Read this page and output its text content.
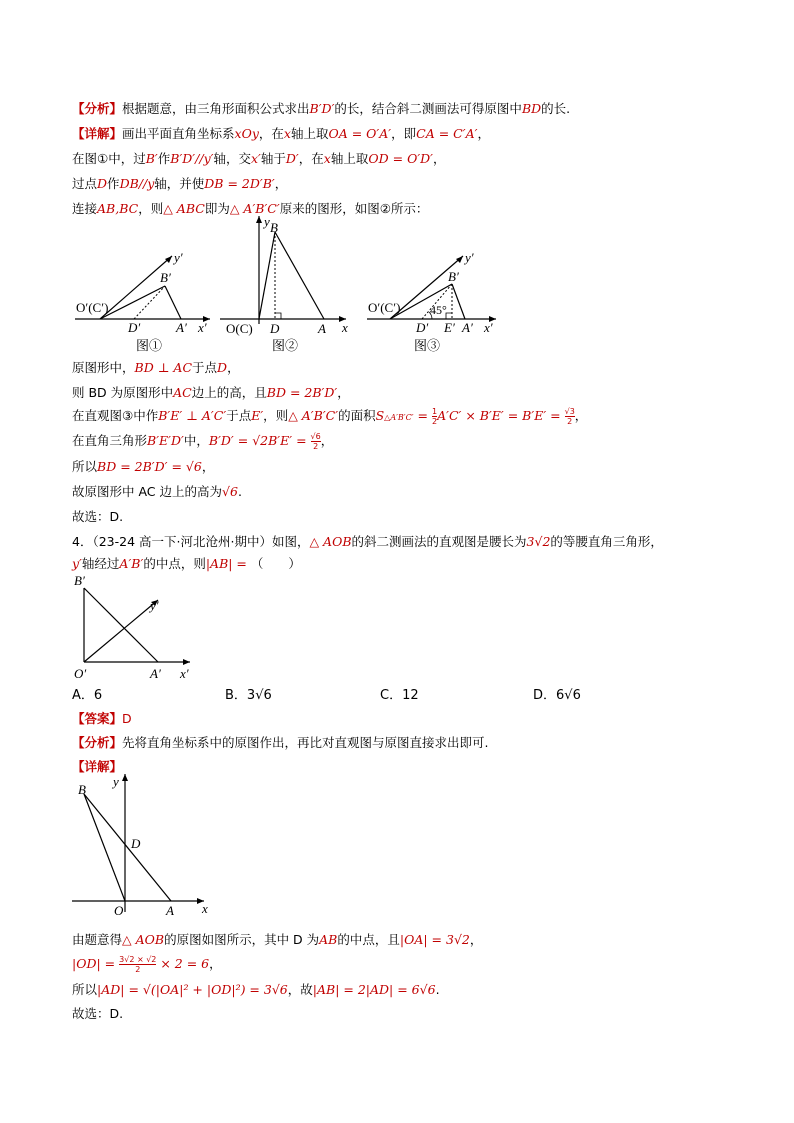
【分析】根据题意，由三角形面积公式求出B′D′的长，结合斜二测画法可得原图中BD的长.
【详解】画出平面直角坐标系xOy，在x轴上取OA = O′A′，即CA = C′A′，
在图①中，过B′作B′D′//y′轴，交x′轴于D′，在x轴上取OD = O′D′，
过点D作DB//y轴，并使DB = 2D′B′，
连接AB,BC，则△ ABC即为△ A′B′C′原来的图形，如图②所示：
O′(C′)
D′	A′ x′
B′
y′
图①
y B
O(C) D	A x
图②
O′(C′) 45°
D′ E′ A′ x′
B′
y′
图③
原图形中，BD ⊥ AC于点D，
则 BD 为原图形中AC边上的高，且BD = 2B′D′，
在直观图③中作B′E′ ⊥ A′C′于点E′，则△ A′B′C′的面积S△A′B′C′ = $\frac{1}{2} A'C' \times B'E' = B'E' = \frac{√3}{2}$ ，
在直角三角形B′E′D′中，$B'D' = √2B'E' = \frac{√6}{2}$ ，
所以BD = 2B′D′ = √6，
故原图形中 AC 边上的高为√6.
故选：D.
4．（23-24 高一下·河北沧州·期中）如图，△ AOB的斜二测画法的直观图是腰长为3√2的等腰直角三角形，
y′轴经过A′B′的中点，则|AB| = （　　）
B′
y′
O′	A′ x′
A．6	B．3√6	C．12	D．6√6
【答案】D
【分析】先将直角坐标系中的原图作出，再比对直观图与原图直接求出即可.
【详解】
y
B
D
O	A x
由题意得△ AOB的原图如图所示，其中 D 为AB的中点，且|OA| = 3√2，
$|OD| = \frac{3√2 \times √2}{2} \times 2 = 6$，
所以|AD| = √(|OA|² + |OD|²) = 3√6，故|AB| = 2|AD| = 6√6.
故选：D.
